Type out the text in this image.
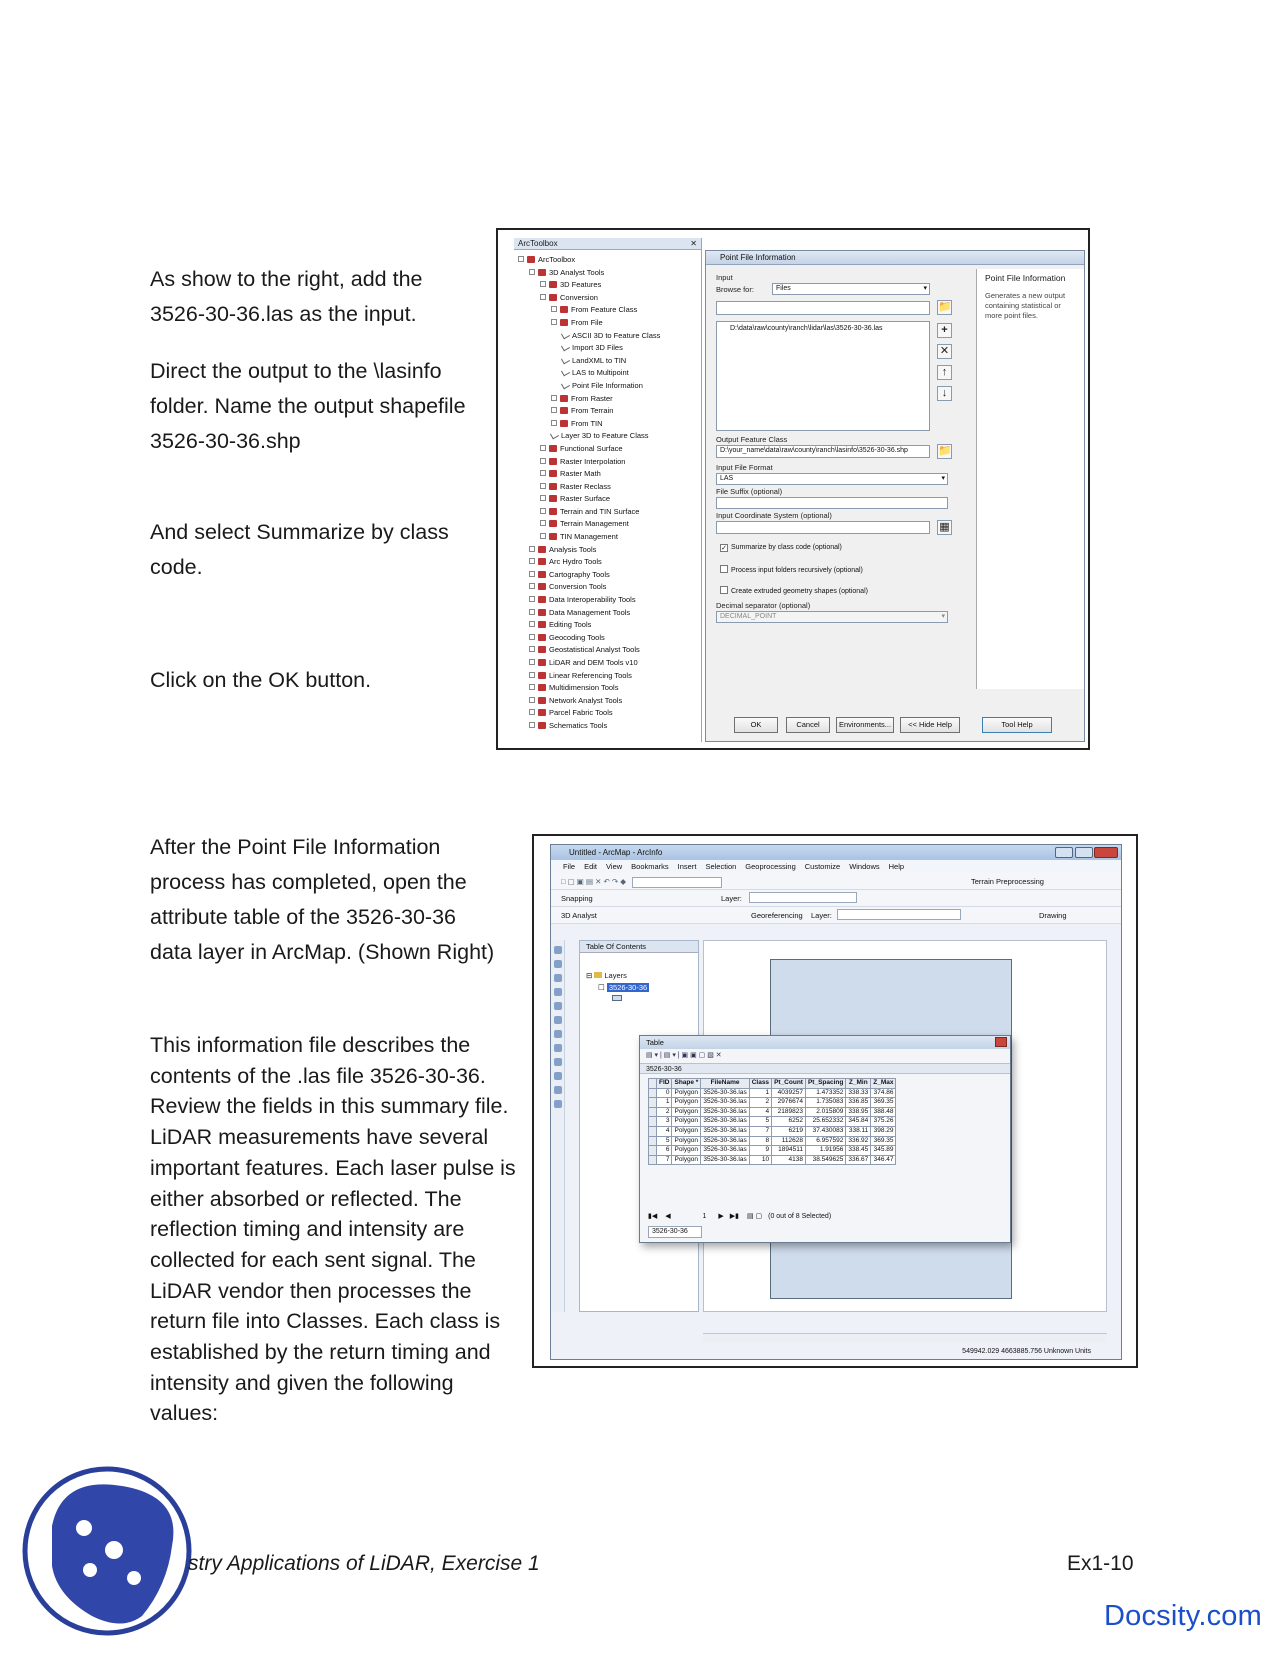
As show to the right, add the 3526-30-36.las as the input.

Direct the output to the \lasinfo folder. Name the output shapefile 3526-30-36.shp

And select Summarize by class code.

Click on the OK button.

After the Point File Information process has completed, open the attribute table of the 3526-30-36 data layer in ArcMap. (Shown Right)

This information file describes the contents of the .las file 3526-30-36. Review the fields in this summary file. LiDAR measurements have several important features. Each laser pulse is either absorbed or reflected. The reflection timing and intensity are collected for each sent signal. The LiDAR vendor then processes the return file into Classes. Each class is established by the return timing and intensity and given the following values:

ArcToolbox	✕
ArcToolbox
3D Analyst Tools
3D Features
Conversion
From Feature Class
From File
ASCII 3D to Feature Class
Import 3D Files
LandXML to TIN
LAS to Multipoint
Point File Information
From Raster
From Terrain
From TIN
Layer 3D to Feature Class
Functional Surface
Raster Interpolation
Raster Math
Raster Reclass
Raster Surface
Terrain and TIN Surface
Terrain Management
TIN Management
Analysis Tools
Arc Hydro Tools
Cartography Tools
Conversion Tools
Data Interoperability Tools
Data Management Tools
Editing Tools
Geocoding Tools
Geostatistical Analyst Tools
LiDAR and DEM Tools v10
Linear Referencing Tools
Multidimension Tools
Network Analyst Tools
Parcel Fabric Tools
Schematics Tools
Point File Information
Input
Browse for:	Files	▾
📁
D:\data\raw\county\ranch\lidar\las\3526-30-36.las	+
✕
↑
↓
Output Feature Class
D:\your_name\data\raw\county\ranch\lasinfo\3526-30-36.shp	📁
Input File Format
LAS	▾
File Suffix (optional)
Input Coordinate System (optional)
▦
✓ Summarize by class code (optional)
Process input folders recursively (optional)
Create extruded geometry shapes (optional)
Decimal separator (optional)
DECIMAL_POINT	▾
Point File Information
Generates a new output containing statistical or more point files.
OK	Cancel	Environments...	<< Hide Help	Tool Help
Untitled - ArcMap - ArcInfo
File Edit View Bookmarks Insert Selection Geoprocessing Customize Windows Help
□ ▢ ▣ ▤ ✕ ↶ ↷ ◆	Terrain Preprocessing
Snapping	Layer:
3D Analyst	Georeferencing Layer:	Drawing
Table Of Contents
⊟ Layers
☐ 3526-30-36
549942.029 4663885.756 Unknown Units
Table
▤ ▾ | ▤ ▾ | ▣ ▣ ▢ ▧ ✕
3526-30-36
	FID	Shape *	FileName	Class	Pt_Count	Pt_Spacing	Z_Min	Z_Max
	0	Polygon	3526-30-36.las	1	4039257	1.473352	338.33	374.86
	1	Polygon	3526-30-36.las	2	2976674	1.735083	336.85	369.35
	2	Polygon	3526-30-36.las	4	2189823	2.015809	338.95	388.48
	3	Polygon	3526-30-36.las	5	6252	25.652332	345.84	375.26
	4	Polygon	3526-30-36.las	7	6219	37.430083	338.11	398.29
	5	Polygon	3526-30-36.las	8	112628	6.957592	336.92	369.35
	6	Polygon	3526-30-36.las	9	1894511	1.91956	338.45	345.89
	7	Polygon	3526-30-36.las	10	4138	38.549625	336.67	346.47
▮◀ ◀	1 ▶ ▶▮ ▤ ▢ (0 out of 8 Selected)
3526-30-36
stry Applications of LiDAR, Exercise 1	Ex1-10
Docsity.com
